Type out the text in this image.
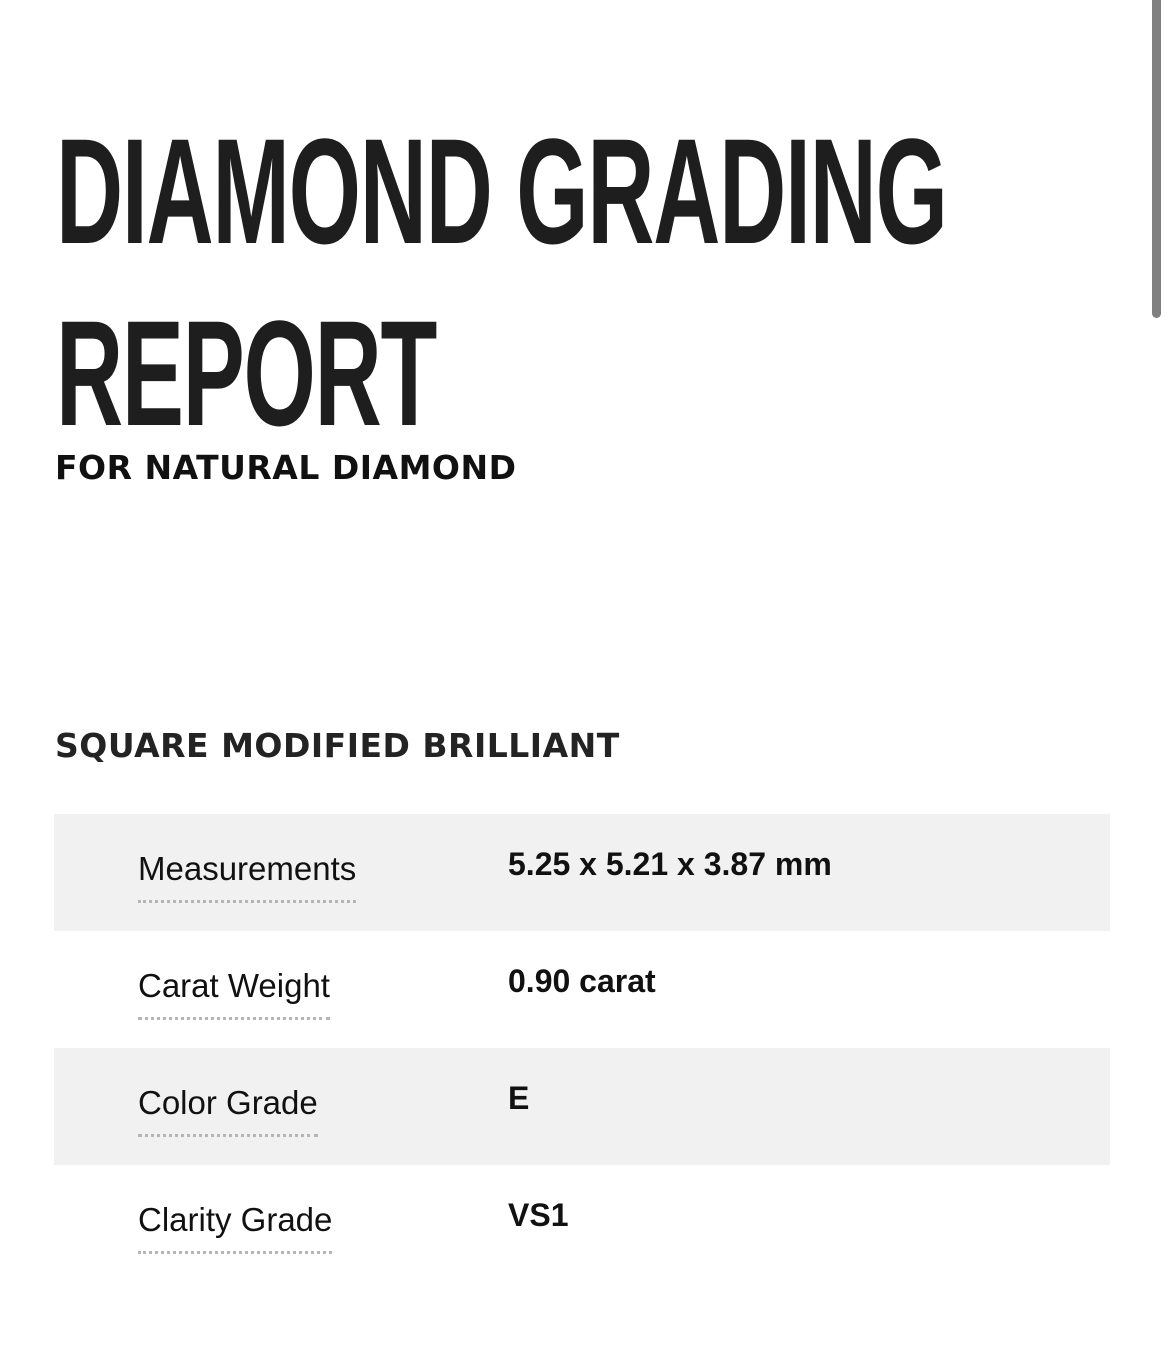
DIAMOND GRADING
REPORT
FOR NATURAL DIAMOND
SQUARE MODIFIED BRILLIANT
Measurements	5.25 x 5.21 x 3.87 mm
Carat Weight	0.90 carat
Color Grade	E
Clarity Grade	VS1
